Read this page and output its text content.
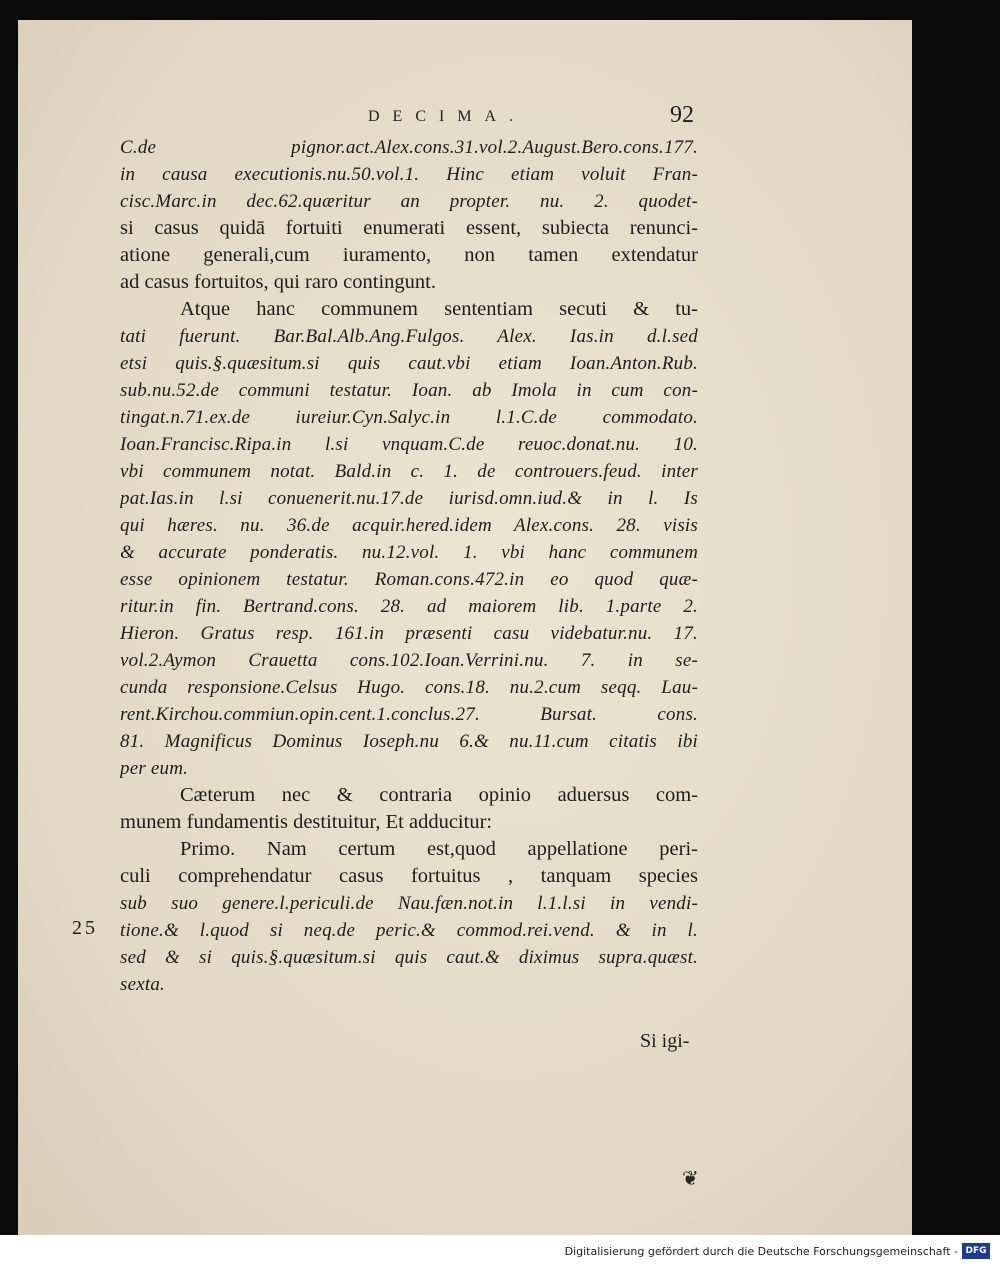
DECIMA.	92
C.de pignor.act.Alex.cons.31.vol.2.August.Bero.cons.177.
in causa executionis.nu.50.vol.1. Hinc etiam voluit Fran-
cisc.Marc.in dec.62.quæritur an propter. nu. 2. quodet-
si casus quidā fortuiti enumerati essent, subiecta renunci-
atione generali,cum iuramento, non tamen extendatur
ad casus fortuitos, qui raro contingunt.
Atque hanc communem sententiam secuti & tu-
tati fuerunt. Bar.Bal.Alb.Ang.Fulgos. Alex. Ias.in d.l.sed
etsi quis.§.quæsitum.si quis caut.vbi etiam Ioan.Anton.Rub.
sub.nu.52.de communi testatur. Ioan. ab Imola in cum con-
tingat.n.71.ex.de iureiur.Cyn.Salyc.in l.1.C.de commodato.
Ioan.Francisc.Ripa.in l.si vnquam.C.de reuoc.donat.nu. 10.
vbi communem notat. Bald.in c. 1. de controuers.feud. inter
pat.Ias.in l.si conuenerit.nu.17.de iurisd.omn.iud.& in l. Is
qui hæres. nu. 36.de acquir.hered.idem Alex.cons. 28. visis
& accurate ponderatis. nu.12.vol. 1. vbi hanc communem
esse opinionem testatur. Roman.cons.472.in eo quod quæ-
ritur.in fin. Bertrand.cons. 28. ad maiorem lib. 1.parte 2.
Hieron. Gratus resp. 161.in præsenti casu videbatur.nu. 17.
vol.2.Aymon Crauetta cons.102.Ioan.Verrini.nu. 7. in se-
cunda responsione.Celsus Hugo. cons.18. nu.2.cum seqq. Lau-
rent.Kirchou.commiun.opin.cent.1.conclus.27. Bursat. cons.
81. Magnificus Dominus Ioseph.nu 6.& nu.11.cum citatis ibi
per eum.
Cæterum nec & contraria opinio aduersus com-
munem fundamentis destituitur, Et adducitur:
Primo. Nam certum est,quod appellatione peri-
culi comprehendatur casus fortuitus , tanquam species
sub suo genere.l.periculi.de Nau.fæn.not.in l.1.l.si in vendi-
tione.& l.quod si neq.de peric.& commod.rei.vend. & in l.
sed & si quis.§.quæsitum.si quis caut.& diximus supra.quæst.
sexta.
25
Si igi-
❦
Digitalisierung gefördert durch die Deutsche Forschungsgemeinschaft - DFG
